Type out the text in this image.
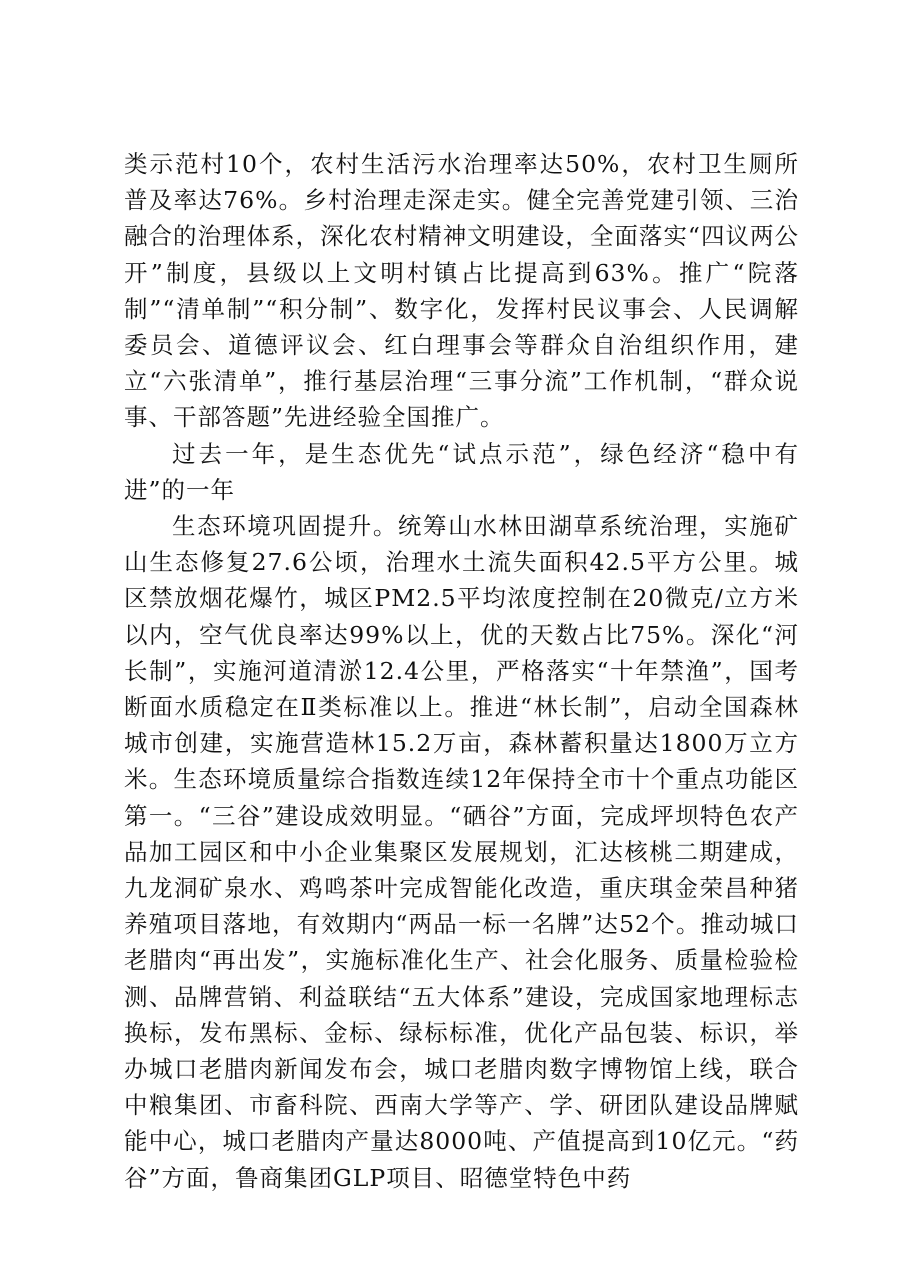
类示范村10个，农村生活污水治理率达50%，农村卫生厕所普及率达76%。乡村治理走深走实。健全完善党建引领、三治融合的治理体系，深化农村精神文明建设，全面落实“四议两公开”制度，县级以上文明村镇占比提高到63%。推广“院落制”“清单制”“积分制”、数字化，发挥村民议事会、人民调解委员会、道德评议会、红白理事会等群众自治组织作用，建立“六张清单”，推行基层治理“三事分流”工作机制，“群众说事、干部答题”先进经验全国推广。

过去一年，是生态优先“试点示范”，绿色经济“稳中有进”的一年

生态环境巩固提升。统筹山水林田湖草系统治理，实施矿山生态修复27.6公顷，治理水土流失面积42.5平方公里。城区禁放烟花爆竹，城区PM2.5平均浓度控制在20微克/立方米以内，空气优良率达99%以上，优的天数占比75%。深化“河长制”，实施河道清淤12.4公里，严格落实“十年禁渔”，国考断面水质稳定在Ⅱ类标准以上。推进“林长制”，启动全国森林城市创建，实施营造林15.2万亩，森林蓄积量达1800万立方米。生态环境质量综合指数连续12年保持全市十个重点功能区第一。“三谷”建设成效明显。“硒谷”方面，完成坪坝特色农产品加工园区和中小企业集聚区发展规划，汇达核桃二期建成，九龙洞矿泉水、鸡鸣茶叶完成智能化改造，重庆琪金荣昌种猪养殖项目落地，有效期内“两品一标一名牌”达52个。推动城口老腊肉“再出发”，实施标准化生产、社会化服务、质量检验检测、品牌营销、利益联结“五大体系”建设，完成国家地理标志换标，发布黑标、金标、绿标标准，优化产品包装、标识，举办城口老腊肉新闻发布会，城口老腊肉数字博物馆上线，联合中粮集团、市畜科院、西南大学等产、学、研团队建设品牌赋能中心，城口老腊肉产量达8000吨、产值提高到10亿元。“药谷”方面，鲁商集团GLP项目、昭德堂特色中药
